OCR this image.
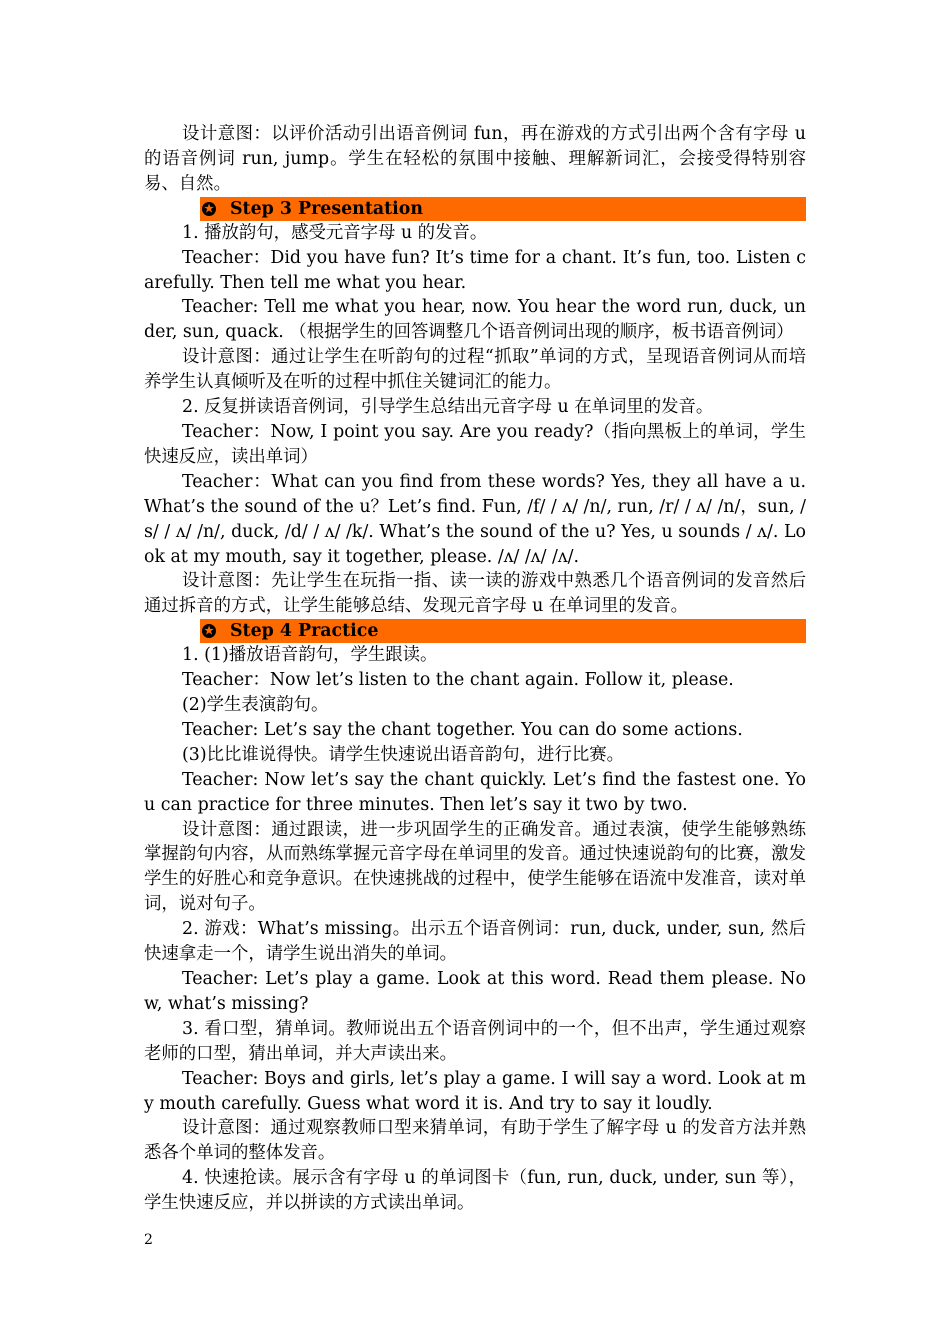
设计意图：以评价活动引出语音例词 fun，再在游戏的方式引出两个含有字母 u 的语音例词 run, jump。学生在轻松的氛围中接触、理解新词汇，会接受得特别容易、自然。

★ Step 3 Presentation

1. 播放韵句，感受元音字母 u 的发音。

Teacher：Did you have fun? It’s time for a chant. It’s fun, too. Listen carefully. Then tell me what you hear.

Teacher: Tell me what you hear, now. You hear the word run, duck, under, sun, quack. （根据学生的回答调整几个语音例词出现的顺序，板书语音例词）

设计意图：通过让学生在听韵句的过程“抓取”单词的方式，呈现语音例词从而培养学生认真倾听及在听的过程中抓住关键词汇的能力。

2. 反复拼读语音例词，引导学生总结出元音字母 u 在单词里的发音。

Teacher：Now, I point you say. Are you ready?（指向黑板上的单词，学生快速反应，读出单词）

Teacher：What can you find from these words? Yes, they all have a u. What’s the sound of the u？Let’s find. Fun, /f/ / ʌ/ /n/, run, /r/ / ʌ/ /n/，sun, /s/ / ʌ/ /n/, duck, /d/ / ʌ/ /k/. What’s the sound of the u? Yes, u sounds / ʌ/. Look at my mouth, say it together, please. /ʌ/ /ʌ/ /ʌ/.

设计意图：先让学生在玩指一指、读一读的游戏中熟悉几个语音例词的发音然后通过拆音的方式，让学生能够总结、发现元音字母 u 在单词里的发音。

★ Step 4 Practice

1. (1)播放语音韵句，学生跟读。

Teacher：Now let’s listen to the chant again. Follow it, please.

(2)学生表演韵句。

Teacher: Let’s say the chant together. You can do some actions.

(3)比比谁说得快。请学生快速说出语音韵句，进行比赛。

Teacher: Now let’s say the chant quickly. Let’s find the fastest one. You can practice for three minutes. Then let’s say it two by two.

设计意图：通过跟读，进一步巩固学生的正确发音。通过表演，使学生能够熟练掌握韵句内容，从而熟练掌握元音字母在单词里的发音。通过快速说韵句的比赛，激发学生的好胜心和竞争意识。在快速挑战的过程中，使学生能够在语流中发准音，读对单词，说对句子。

2. 游戏：What’s missing。出示五个语音例词：run, duck, under, sun, 然后快速拿走一个，请学生说出消失的单词。

Teacher: Let’s play a game. Look at this word. Read them please. Now, what’s missing?

3. 看口型，猜单词。教师说出五个语音例词中的一个，但不出声，学生通过观察老师的口型，猜出单词，并大声读出来。

Teacher: Boys and girls, let’s play a game. I will say a word. Look at my mouth carefully. Guess what word it is. And try to say it loudly.

设计意图：通过观察教师口型来猜单词，有助于学生了解字母 u 的发音方法并熟悉各个单词的整体发音。

4. 快速抢读。展示含有字母 u 的单词图卡（fun, run, duck, under, sun 等），学生快速反应，并以拼读的方式读出单词。

2
